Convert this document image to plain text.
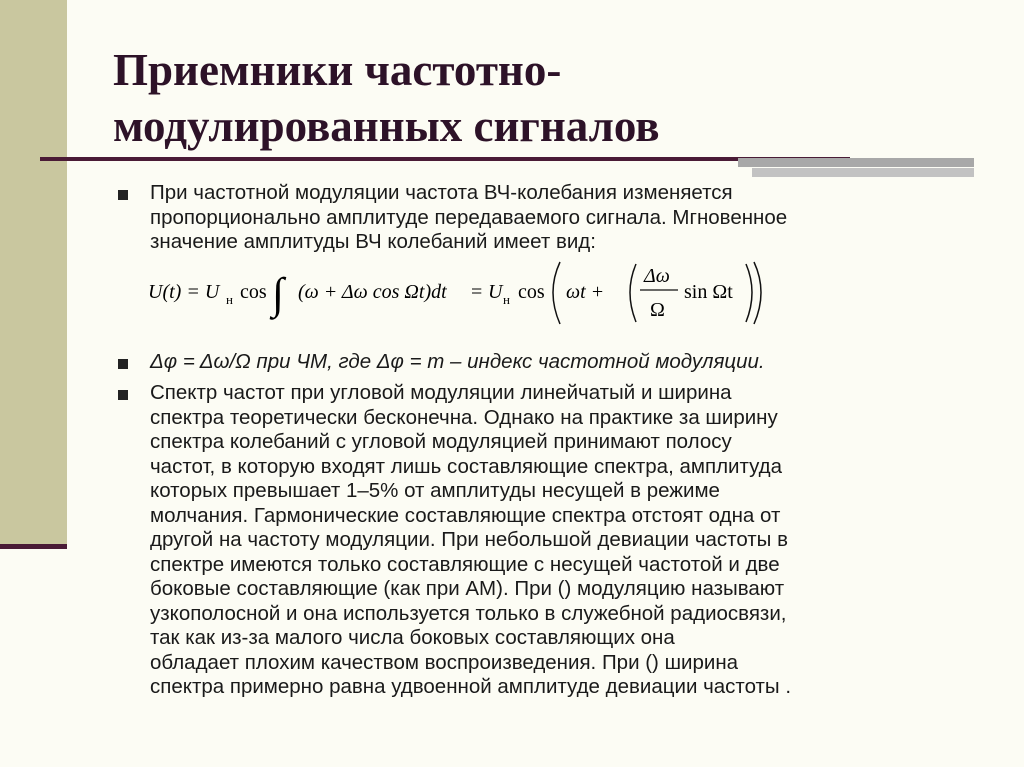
Приемники частотно-
модулированных сигналов
При частотной модуляции частота ВЧ-колебания изменяется
пропорционально амплитуде передаваемого сигнала. Мгновенное
значение амплитуды ВЧ колебаний имеет вид:
U(t) = U н cos ∫ (ω + Δω cos Ωt)dt = U н cos ωt +
Δω
Ω
sin Ωt
Δφ = Δω/Ω при ЧМ, где Δφ = m – индекс частотной модуляции.
Спектр частот при угловой модуляции линейчатый и ширина
спектра теоретически бесконечна. Однако на практике за ширину
спектра колебаний с угловой модуляцией принимают полосу
частот, в которую входят лишь составляющие спектра, амплитуда
которых превышает 1–5% от амплитуды несущей в режиме
молчания. Гармонические составляющие спектра отстоят одна от
другой на частоту модуляции. При небольшой девиации частоты в
спектре имеются только составляющие с несущей частотой и две
боковые составляющие (как при АМ). При () модуляцию называют
узкополосной и она используется только в служебной радиосвязи,
так как из-за малого числа боковых составляющих она
обладает плохим качеством воспроизведения. При () ширина
спектра примерно равна удвоенной амплитуде девиации частоты .
